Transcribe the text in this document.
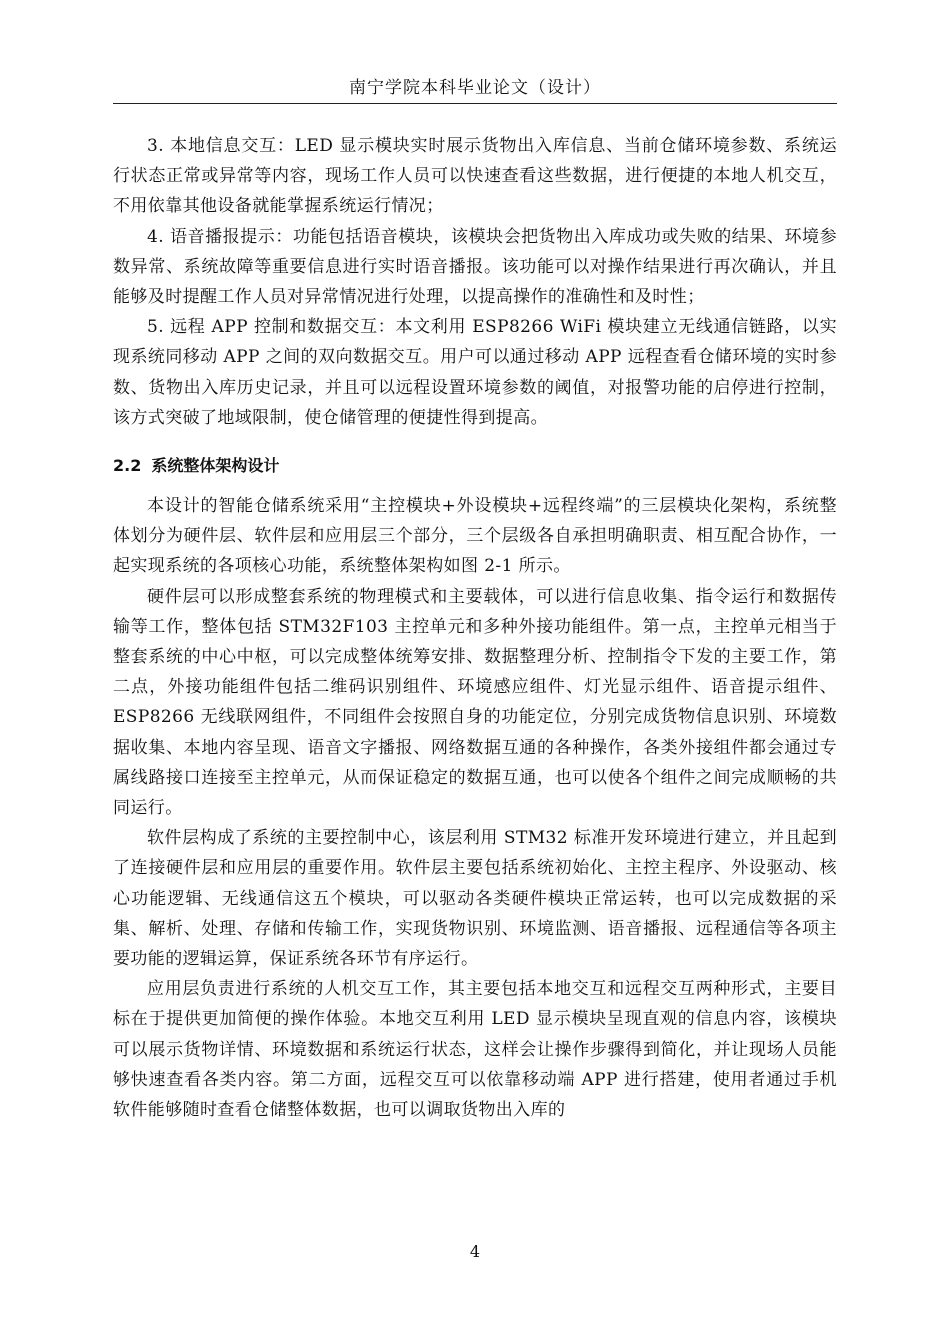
南宁学院本科毕业论文（设计）

3. 本地信息交互：LED 显示模块实时展示货物出入库信息、当前仓储环境参数、系统运行状态正常或异常等内容，现场工作人员可以快速查看这些数据，进行便捷的本地人机交互，不用依靠其他设备就能掌握系统运行情况；

4. 语音播报提示：功能包括语音模块，该模块会把货物出入库成功或失败的结果、环境参数异常、系统故障等重要信息进行实时语音播报。该功能可以对操作结果进行再次确认，并且能够及时提醒工作人员对异常情况进行处理，以提高操作的准确性和及时性；

5. 远程 APP 控制和数据交互：本文利用 ESP8266 WiFi 模块建立无线通信链路，以实现系统同移动 APP 之间的双向数据交互。用户可以通过移动 APP 远程查看仓储环境的实时参数、货物出入库历史记录，并且可以远程设置环境参数的阈值，对报警功能的启停进行控制，该方式突破了地域限制，使仓储管理的便捷性得到提高。

2.2 系统整体架构设计

本设计的智能仓储系统采用“主控模块+外设模块+远程终端”的三层模块化架构，系统整体划分为硬件层、软件层和应用层三个部分，三个层级各自承担明确职责、相互配合协作，一起实现系统的各项核心功能，系统整体架构如图 2-1 所示。

硬件层可以形成整套系统的物理模式和主要载体，可以进行信息收集、指令运行和数据传输等工作，整体包括 STM32F103 主控单元和多种外接功能组件。第一点，主控单元相当于整套系统的中心中枢，可以完成整体统筹安排、数据整理分析、控制指令下发的主要工作，第二点，外接功能组件包括二维码识别组件、环境感应组件、灯光显示组件、语音提示组件、ESP8266 无线联网组件，不同组件会按照自身的功能定位，分别完成货物信息识别、环境数据收集、本地内容呈现、语音文字播报、网络数据互通的各种操作，各类外接组件都会通过专属线路接口连接至主控单元，从而保证稳定的数据互通，也可以使各个组件之间完成顺畅的共同运行。

软件层构成了系统的主要控制中心，该层利用 STM32 标准开发环境进行建立，并且起到了连接硬件层和应用层的重要作用。软件层主要包括系统初始化、主控主程序、外设驱动、核心功能逻辑、无线通信这五个模块，可以驱动各类硬件模块正常运转，也可以完成数据的采集、解析、处理、存储和传输工作，实现货物识别、环境监测、语音播报、远程通信等各项主要功能的逻辑运算，保证系统各环节有序运行。

应用层负责进行系统的人机交互工作，其主要包括本地交互和远程交互两种形式，主要目标在于提供更加简便的操作体验。本地交互利用 LED 显示模块呈现直观的信息内容，该模块可以展示货物详情、环境数据和系统运行状态，这样会让操作步骤得到简化，并让现场人员能够快速查看各类内容。第二方面，远程交互可以依靠移动端 APP 进行搭建，使用者通过手机软件能够随时查看仓储整体数据，也可以调取货物出入库的

4
